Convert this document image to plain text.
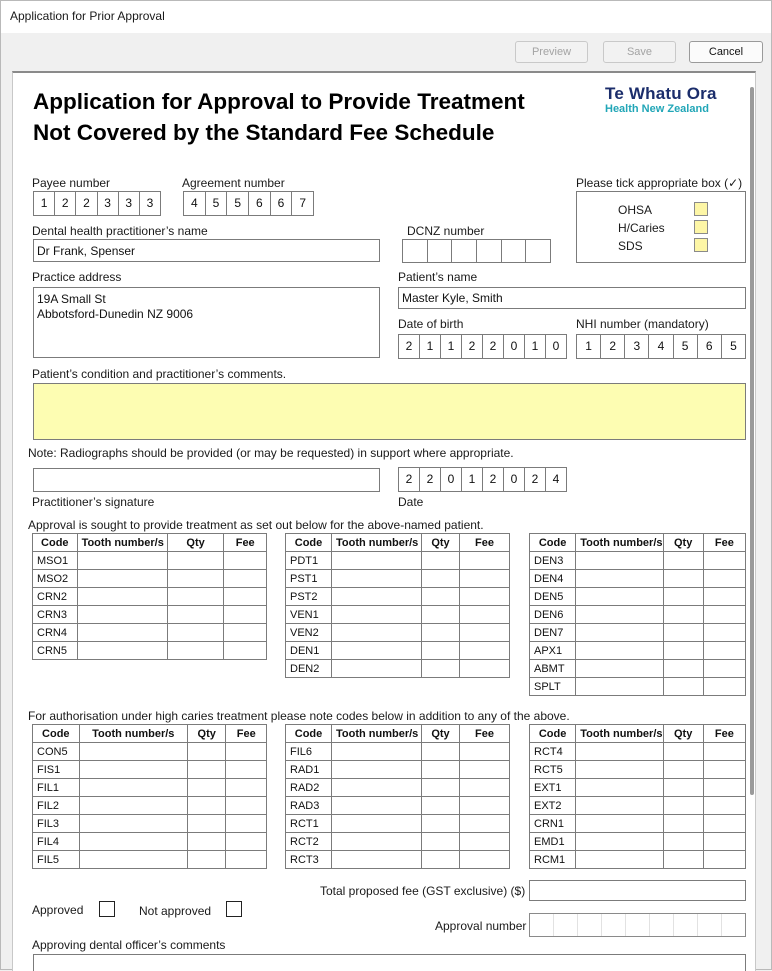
Application for Prior Approval
Preview	Save	Cancel
Application for Approval to Provide Treatment
Not Covered by the Standard Fee Schedule
Te Whatu Ora
Health New Zealand
Payee number
1	2	2	3	3	3
Agreement number
4	5	5	6	6	7
Please tick appropriate box (✓)
OHSA
H/Caries
SDS
Dental health practitioner’s name
Dr Frank, Spenser
DCNZ number
Practice address
19A Small St
Abbotsford-Dunedin NZ 9006
Patient’s name
Master Kyle, Smith
Date of birth
2	1	1	2	2	0	1	0
NHI number (mandatory)
1	2	3	4	5	6	5
Patient’s condition and practitioner’s comments.
Note: Radiographs should be provided (or may be requested) in support where appropriate.
Practitioner’s signature
2	2	0	1	2	0	2	4
Date
Approval is sought to provide treatment as set out below for the above-named patient.
Code	Tooth number/s	Qty	Fee
MSO1			
MSO2			
CRN2			
CRN3			
CRN4			
CRN5			
Code	Tooth number/s	Qty	Fee
PDT1			
PST1			
PST2			
VEN1			
VEN2			
DEN1			
DEN2			
Code	Tooth number/s	Qty	Fee
DEN3			
DEN4			
DEN5			
DEN6			
DEN7			
APX1			
ABMT			
SPLT			
For authorisation under high caries treatment please note codes below in addition to any of the above.
Code	Tooth number/s	Qty	Fee
CON5			
FIS1			
FIL1			
FIL2			
FIL3			
FIL4			
FIL5			
Code	Tooth number/s	Qty	Fee
FIL6			
RAD1			
RAD2			
RAD3			
RCT1			
RCT2			
RCT3			
Code	Tooth number/s	Qty	Fee
RCT4			
RCT5			
EXT1			
EXT2			
CRN1			
EMD1			
RCM1			
Total proposed fee (GST exclusive) ($)
Approved	Not approved
Approval number
Approving dental officer’s comments
